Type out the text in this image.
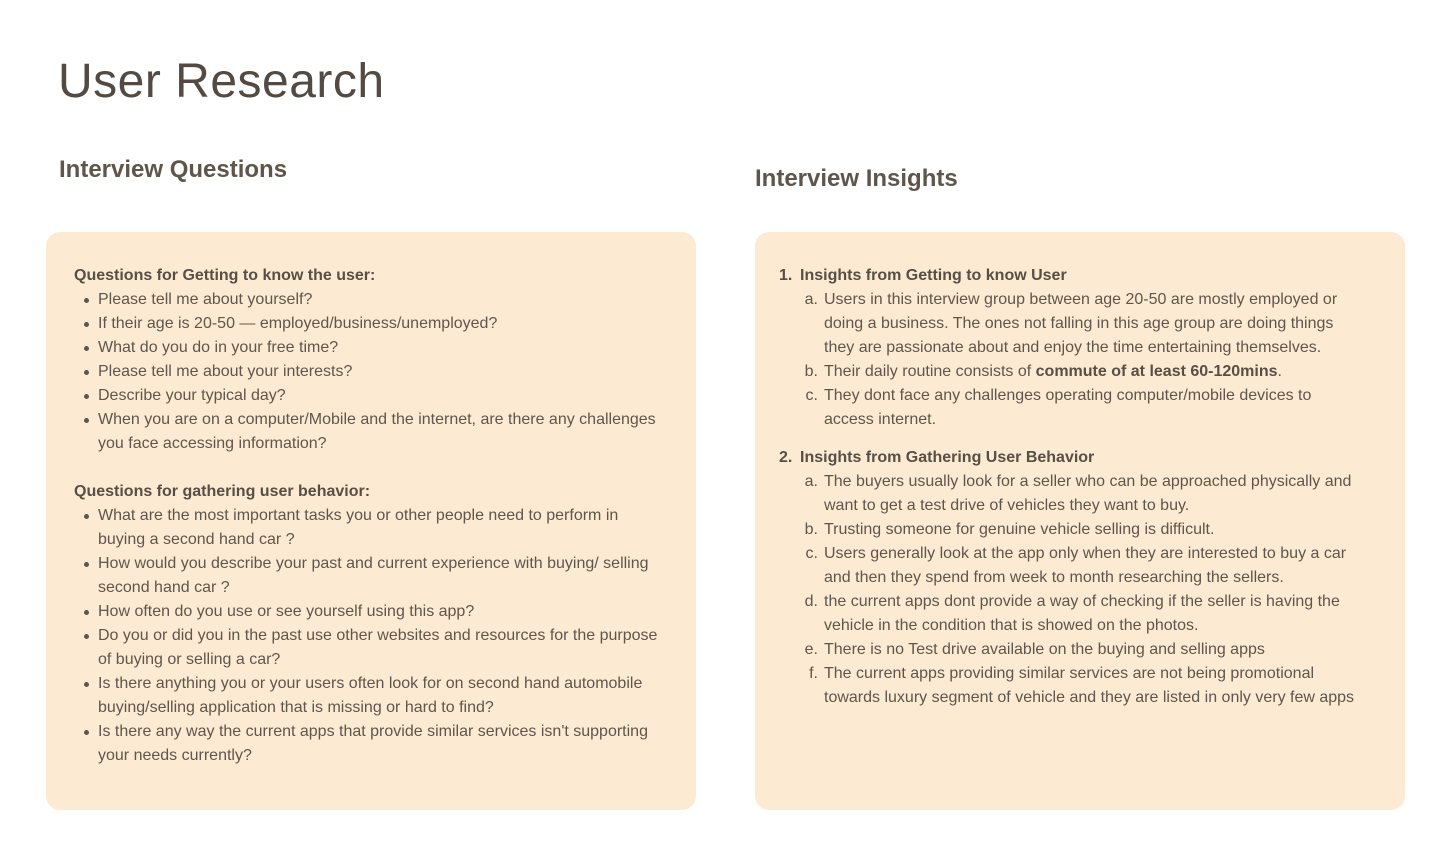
User Research
Interview Questions	Interview Insights

Questions for Getting to know the user:

Please tell me about yourself?
If their age is 20-50 — employed/business/unemployed?
What do you do in your free time?
Please tell me about your interests?
Describe your typical day?
When you are on a computer/Mobile and the internet, are there any challenges you face accessing information?

Questions for gathering user behavior:

What are the most important tasks you or other people need to perform in buying a second hand car ?
How would you describe your past and current experience with buying/ selling second hand car ?
How often do you use or see yourself using this app?
Do you or did you in the past use other websites and resources for the purpose of buying or selling a car?
Is there anything you or your users often look for on second hand automobile buying/selling application that is missing or hard to find?
Is there any way the current apps that provide similar services isn't supporting your needs currently?
1. Insights from Getting to know User
a. Users in this interview group between age 20-50 are mostly employed or doing a business. The ones not falling in this age group are doing things they are passionate about and enjoy the time entertaining themselves.
b. Their daily routine consists of commute of at least 60-120mins.
c. They dont face any challenges operating computer/mobile devices to access internet.
2. Insights from Gathering User Behavior
a. The buyers usually look for a seller who can be approached physically and want to get a test drive of vehicles they want to buy.
b. Trusting someone for genuine vehicle selling is difficult.
c. Users generally look at the app only when they are interested to buy a car and then they spend from week to month researching the sellers.
d. the current apps dont provide a way of checking if the seller is having the vehicle in the condition that is showed on the photos.
e. There is no Test drive available on the buying and selling apps
f. The current apps providing similar services are not being promotional towards luxury segment of vehicle and they are listed in only very few apps
